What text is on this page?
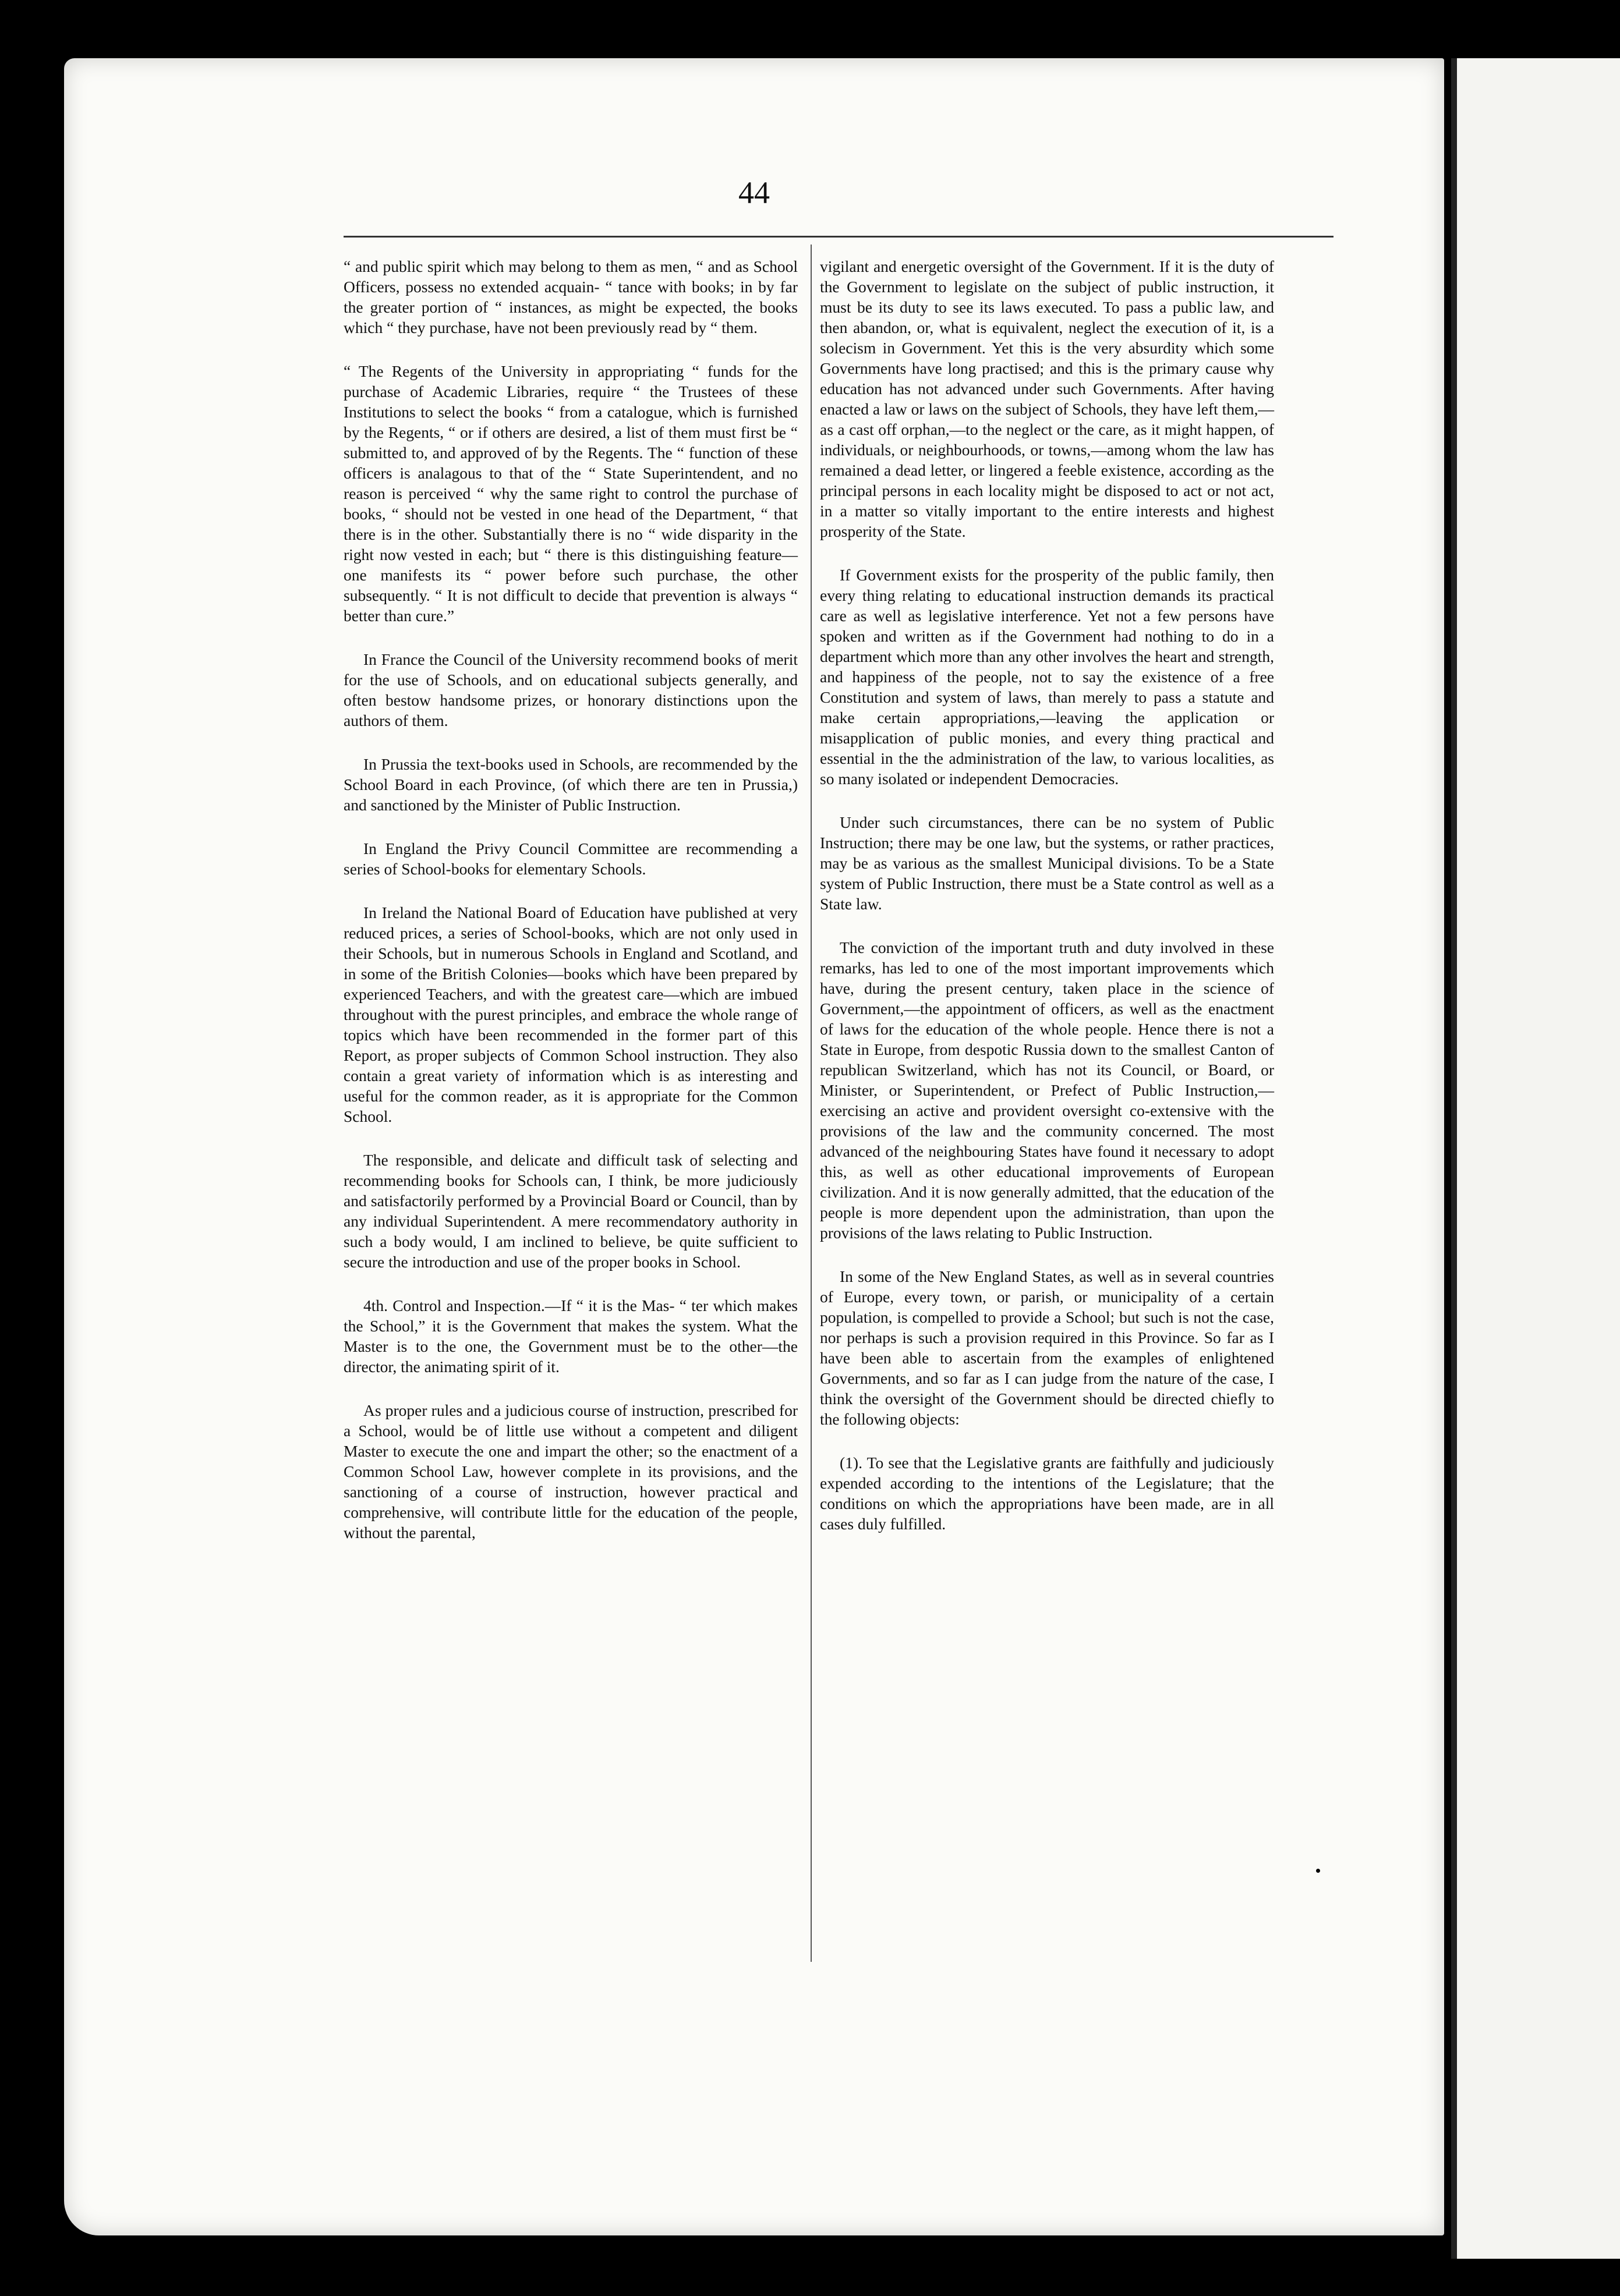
44

“ and public spirit which may belong to them as men, “ and as School Officers, possess no extended acquain- “ tance with books; in by far the greater portion of “ instances, as might be expected, the books which “ they purchase, have not been previously read by “ them.

“ The Regents of the University in appropriating “ funds for the purchase of Academic Libraries, require “ the Trustees of these Institutions to select the books “ from a catalogue, which is furnished by the Regents, “ or if others are desired, a list of them must first be “ submitted to, and approved of by the Regents. The “ function of these officers is analagous to that of the “ State Superintendent, and no reason is perceived “ why the same right to control the purchase of books, “ should not be vested in one head of the Department, “ that there is in the other. Substantially there is no “ wide disparity in the right now vested in each; but “ there is this distinguishing feature—one manifests its “ power before such purchase, the other subsequently. “ It is not difficult to decide that prevention is always “ better than cure.”

In France the Council of the University recommend books of merit for the use of Schools, and on educational subjects generally, and often bestow handsome prizes, or honorary distinctions upon the authors of them.

In Prussia the text-books used in Schools, are recommended by the School Board in each Province, (of which there are ten in Prussia,) and sanctioned by the Minister of Public Instruction.

In England the Privy Council Committee are recommending a series of School-books for elementary Schools.

In Ireland the National Board of Education have published at very reduced prices, a series of School-books, which are not only used in their Schools, but in numerous Schools in England and Scotland, and in some of the British Colonies—books which have been prepared by experienced Teachers, and with the greatest care—which are imbued throughout with the purest principles, and embrace the whole range of topics which have been recommended in the former part of this Report, as proper subjects of Common School instruction. They also contain a great variety of information which is as interesting and useful for the common reader, as it is appropriate for the Common School.

The responsible, and delicate and difficult task of selecting and recommending books for Schools can, I think, be more judiciously and satisfactorily performed by a Provincial Board or Council, than by any individual Superintendent. A mere recommendatory authority in such a body would, I am inclined to believe, be quite sufficient to secure the introduction and use of the proper books in School.

4th. Control and Inspection.—If “ it is the Mas- “ ter which makes the School,” it is the Government that makes the system. What the Master is to the one, the Government must be to the other—the director, the animating spirit of it.

As proper rules and a judicious course of instruction, prescribed for a School, would be of little use without a competent and diligent Master to execute the one and impart the other; so the enactment of a Common School Law, however complete in its provisions, and the sanctioning of a course of instruction, however practical and comprehensive, will contribute little for the education of the people, without the parental,

vigilant and energetic oversight of the Government. If it is the duty of the Government to legislate on the subject of public instruction, it must be its duty to see its laws executed. To pass a public law, and then abandon, or, what is equivalent, neglect the execution of it, is a solecism in Government. Yet this is the very absurdity which some Governments have long practised; and this is the primary cause why education has not advanced under such Governments. After having enacted a law or laws on the subject of Schools, they have left them,—as a cast off orphan,—to the neglect or the care, as it might happen, of individuals, or neighbourhoods, or towns,—among whom the law has remained a dead letter, or lingered a feeble existence, according as the principal persons in each locality might be disposed to act or not act, in a matter so vitally important to the entire interests and highest prosperity of the State.

If Government exists for the prosperity of the public family, then every thing relating to educational instruction demands its practical care as well as legislative interference. Yet not a few persons have spoken and written as if the Government had nothing to do in a department which more than any other involves the heart and strength, and happiness of the people, not to say the existence of a free Constitution and system of laws, than merely to pass a statute and make certain appropriations,—leaving the application or misapplication of public monies, and every thing practical and essential in the the administration of the law, to various localities, as so many isolated or independent Democracies.

Under such circumstances, there can be no system of Public Instruction; there may be one law, but the systems, or rather practices, may be as various as the smallest Municipal divisions. To be a State system of Public Instruction, there must be a State control as well as a State law.

The conviction of the important truth and duty involved in these remarks, has led to one of the most important improvements which have, during the present century, taken place in the science of Government,—the appointment of officers, as well as the enactment of laws for the education of the whole people. Hence there is not a State in Europe, from despotic Russia down to the smallest Canton of republican Switzerland, which has not its Council, or Board, or Minister, or Superintendent, or Prefect of Public Instruction,—exercising an active and provident oversight co-extensive with the provisions of the law and the community concerned. The most advanced of the neighbouring States have found it necessary to adopt this, as well as other educational improvements of European civilization. And it is now generally admitted, that the education of the people is more dependent upon the administration, than upon the provisions of the laws relating to Public Instruction.

In some of the New England States, as well as in several countries of Europe, every town, or parish, or municipality of a certain population, is compelled to provide a School; but such is not the case, nor perhaps is such a provision required in this Province. So far as I have been able to ascertain from the examples of enlightened Governments, and so far as I can judge from the nature of the case, I think the oversight of the Government should be directed chiefly to the following objects:

(1). To see that the Legislative grants are faithfully and judiciously expended according to the intentions of the Legislature; that the conditions on which the appropriations have been made, are in all cases duly fulfilled.
